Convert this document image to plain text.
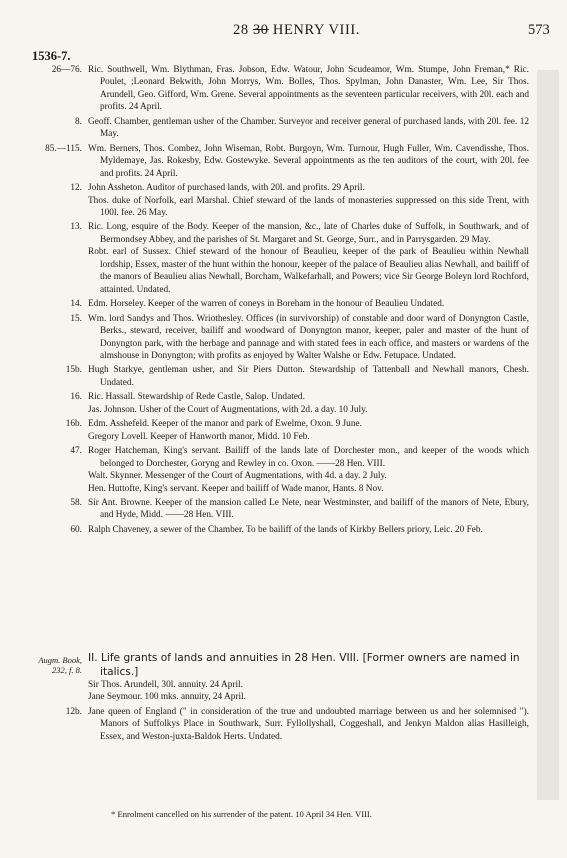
28 30 HENRY VIII.	573
1536-7.
26—76. Ric. Southwell, Wm. Blythman, Fras. Jobson, Edw. Watour, John Scudeamor, Wm. Stumpe, John Freman,* Ric. Poulet, ;Leonard Bekwith, John Morrys, Wm. Bolles, Thos. Spylman, John Danaster, Wm. Lee, Sir Thos. Arundell, Geo. Gifford, Wm. Grene. Several appointments as the seventeen particular receivers, with 20l. each and profits. 24 April.
8. Geoff. Chamber, gentleman usher of the Chamber. Surveyor and receiver general of purchased lands, with 20l. fee. 12 May.
85.—115. Wm. Berners, Thos. Combez, John Wiseman, Robt. Burgoyn, Wm. Turnour, Hugh Fuller, Wm. Cavendisshe, Thos. Myldemaye, Jas. Rokesby, Edw. Gostewyke. Several appointments as the ten auditors of the court, with 20l. fee and profits. 24 April.
12. John Assheton. Auditor of purchased lands, with 20l. and profits. 29 April.
Thos. duke of Norfolk, earl Marshal. Chief steward of the lands of monasteries suppressed on this side Trent, with 100l. fee. 26 May.
13. Ric. Long, esquire of the Body. Keeper of the mansion, &c., late of Charles duke of Suffolk, in Southwark, and of Bermondsey Abbey, and the parishes of St. Margaret and St. George, Surr., and in Parrysgarden. 29 May.
Robt. earl of Sussex. Chief steward of the honour of Beaulieu, keeper of the park of Beaulieu within Newhall lordship, Essex, master of the hunt within the honour, keeper of the palace of Beaulieu alias Newhall, and bailiff of the manors of Beaulieu alias Newhall, Borcham, Walkefarhall, and Powers; vice Sir George Boleyn lord Rochford, attainted. Undated.
14. Edm. Horseley. Keeper of the warren of coneys in Boreham in the honour of Beaulieu Undated.
15. Wm. lord Sandys and Thos. Wriothesley. Offices (in survivorship) of constable and door ward of Donyngton Castle, Berks., steward, receiver, bailiff and woodward of Donyngton manor, keeper, paler and master of the hunt of Donyngton park, with the herbage and pannage and with stated fees in each office, and masters or wardens of the almshouse in Donyngton; with profits as enjoyed by Walter Walshe or Edw. Fetupace. Undated.
15b. Hugh Starkye, gentleman usher, and Sir Piers Dutton. Stewardship of Tattenball and Newhall manors, Chesh. Undated.
16. Ric. Hassall. Stewardship of Rede Castle, Salop. Undated.
Jas. Johnson. Usher of the Court of Augmentations, with 2d. a day. 10 July.
16b. Edm. Asshefeld. Keeper of the manor and park of Ewelme, Oxon. 9 June.
Gregory Lovell. Keeper of Hanworth manor, Midd. 10 Feb.
47. Roger Hatcheman, King's servant. Bailiff of the lands late of Dorchester mon., and keeper of the woods which belonged to Dorchester, Goryng and Rewley in co. Oxon. ——28 Hen. VIII.
Walt. Skynner. Messenger of the Court of Augmentations, with 4d. a day. 2 July.
Hen. Huttofte, King's servant. Keeper and bailiff of Wade manor, Hants. 8 Nov.
58. Sir Ant. Browne. Keeper of the mansion called Le Nete, near Westminster, and bailiff of the manors of Nete, Ebury, and Hyde, Midd. ——28 Hen. VIII.
60. Ralph Chaveney, a sewer of the Chamber. To be bailiff of the lands of Kirkby Bellers priory, Leic. 20 Feb.
Augm. Book,
232, f. 8.
II. Life grants of lands and annuities in 28 Hen. VIII. [Former owners are named in italics.]
Sir Thos. Arundell, 30l. annuity. 24 April.
Jane Seymour. 100 mks. annuity, 24 April.
12b. Jane queen of England (" in consideration of the true and undoubted marriage between us and her solemnised "). Manors of Suffolkys Place in Southwark, Surr. Fyllollyshall, Coggeshall, and Jenkyn Maldon alias Hasilleigh, Essex, and Weston-juxta-Baldok Herts. Undated.
* Enrolment cancelled on his surrender of the patent. 10 April 34 Hen. VIII.
